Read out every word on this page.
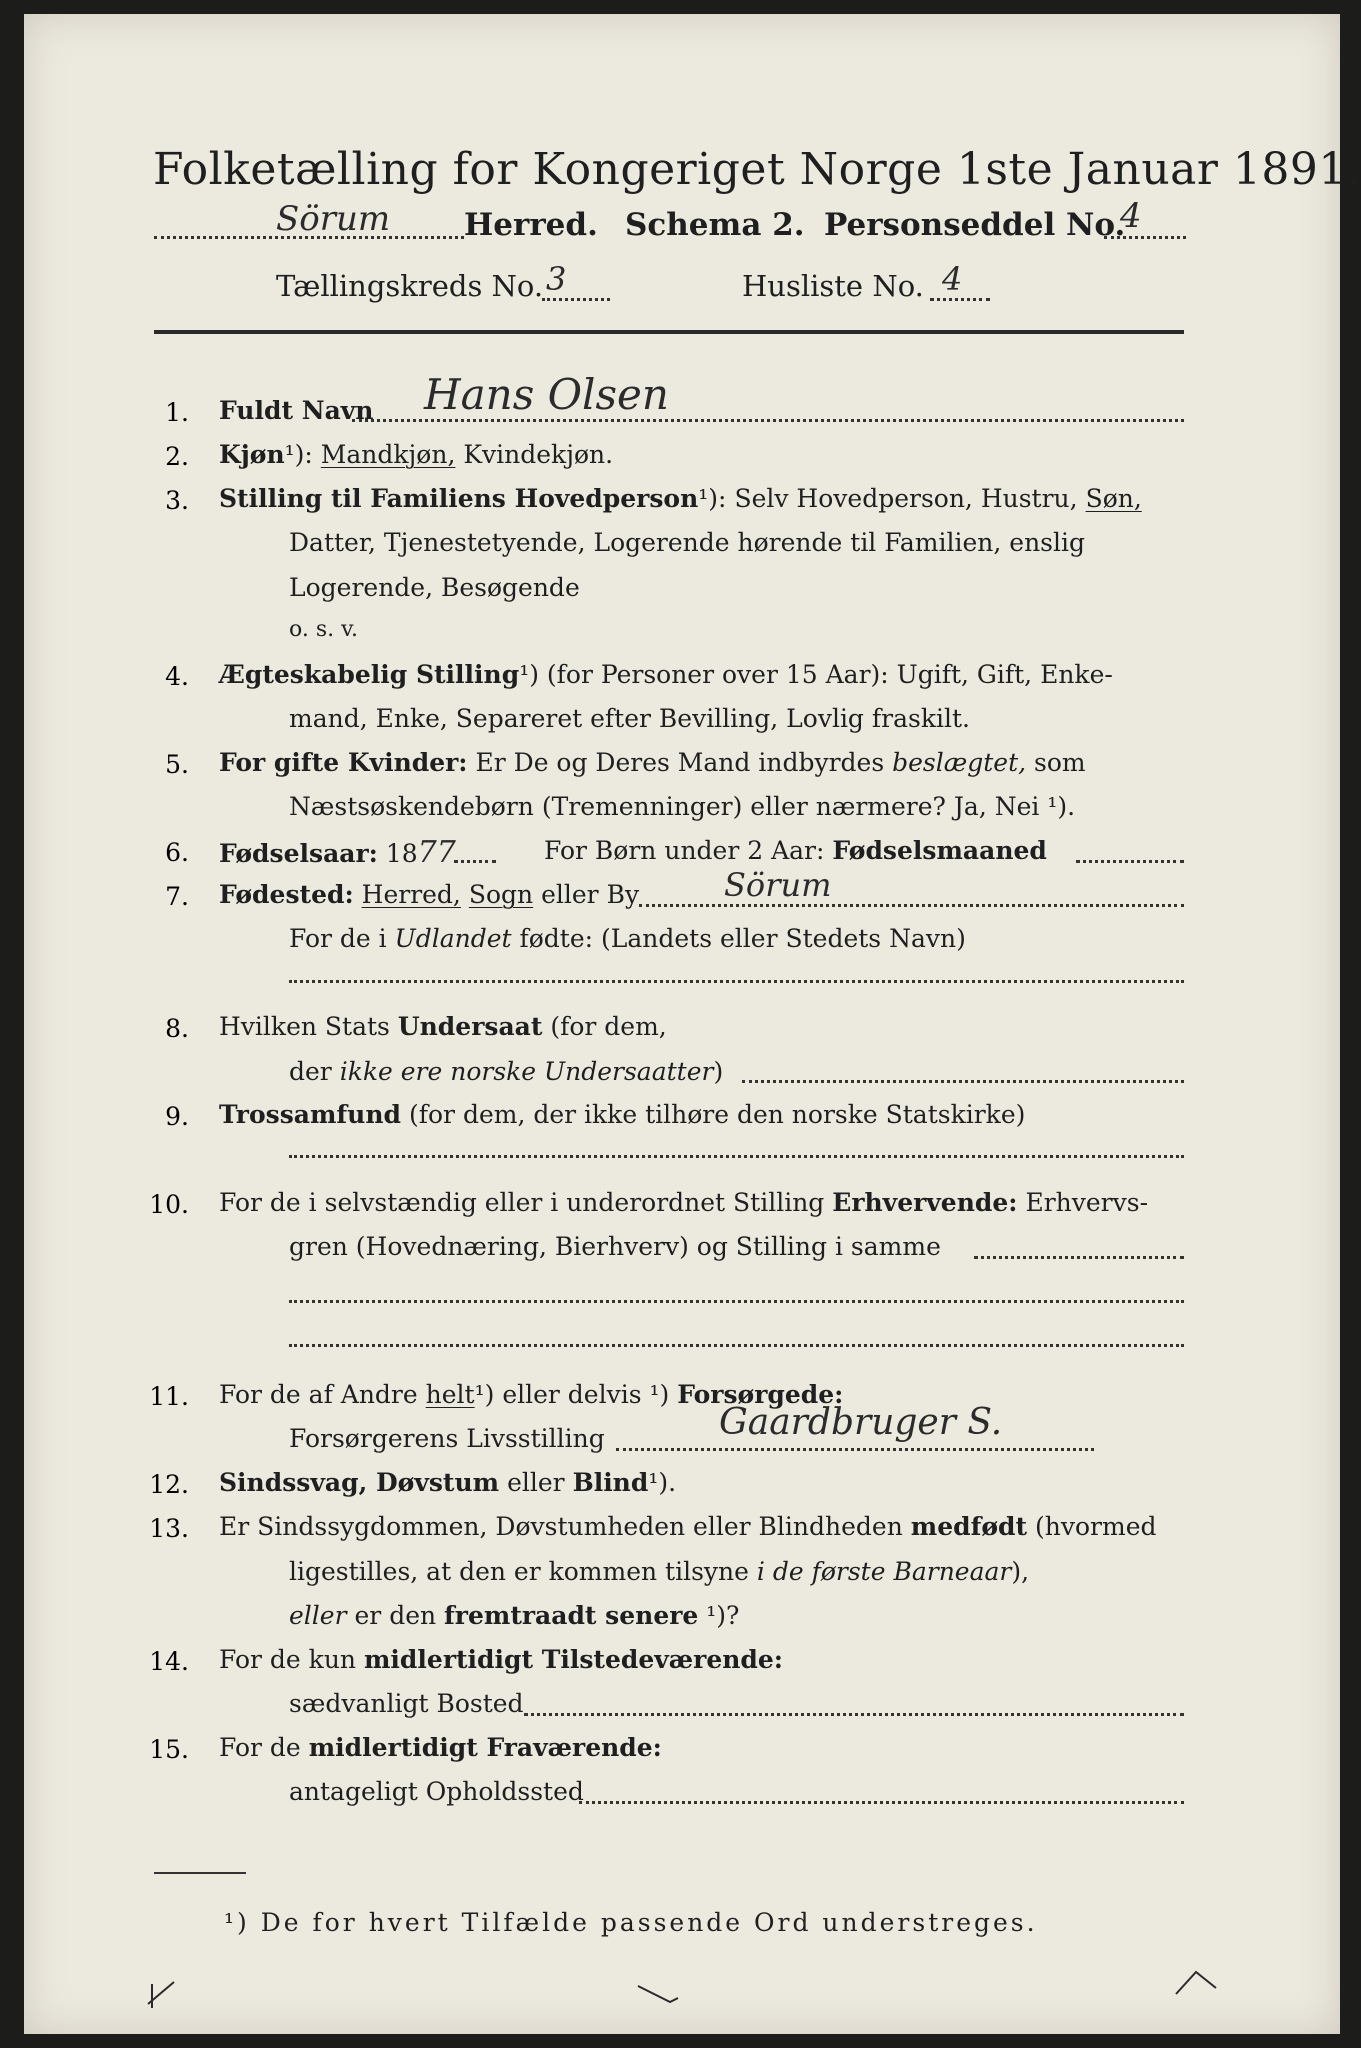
Folketælling for Kongeriget Norge 1ste Januar 1891.
Sörum Herred. Schema 2. Personseddel No.
4
Tællingskreds No. 3	Husliste No. 4
1. Fuldt Navn Hans Olsen
2. Kjøn¹): Mandkjøn, Kvindekjøn.
3. Stilling til Familiens Hovedperson¹): Selv Hovedperson, Hustru, Søn,
Datter, Tjenestetyende, Logerende hørende til Familien, enslig
Logerende, Besøgende
o. s. v.
4. Ægteskabelig Stilling¹) (for Personer over 15 Aar): Ugift, Gift, Enke-
mand, Enke, Separeret efter Bevilling, Lovlig fraskilt.
5. For gifte Kvinder: Er De og Deres Mand indbyrdes beslægtet, som
Næstsøskendebørn (Tremenninger) eller nærmere? Ja, Nei ¹).
6. Fødselsaar: 1877	For Børn under 2 Aar: Fødselsmaaned
7. Fødested: Herred, Sogn eller By	Sörum
For de i Udlandet fødte: (Landets eller Stedets Navn)
8. Hvilken Stats Undersaat (for dem,
der ikke ere norske Undersaatter)
9. Trossamfund (for dem, der ikke tilhøre den norske Statskirke)
10. For de i selvstændig eller i underordnet Stilling Erhvervende: Erhvervs-
gren (Hovednæring, Bierhverv) og Stilling i samme
11. For de af Andre helt¹) eller delvis ¹) Forsørgede:
Forsørgerens Livsstilling	Gaardbruger S.
12. Sindssvag, Døvstum eller Blind¹).
13. Er Sindssygdommen, Døvstumheden eller Blindheden medfødt (hvormed
ligestilles, at den er kommen tilsyne i de første Barneaar),
eller er den fremtraadt senere ¹)?
14. For de kun midlertidigt Tilstedeværende:
sædvanligt Bosted
15. For de midlertidigt Fraværende:
antageligt Opholdssted
¹) De for hvert Tilfælde passende Ord understreges.
